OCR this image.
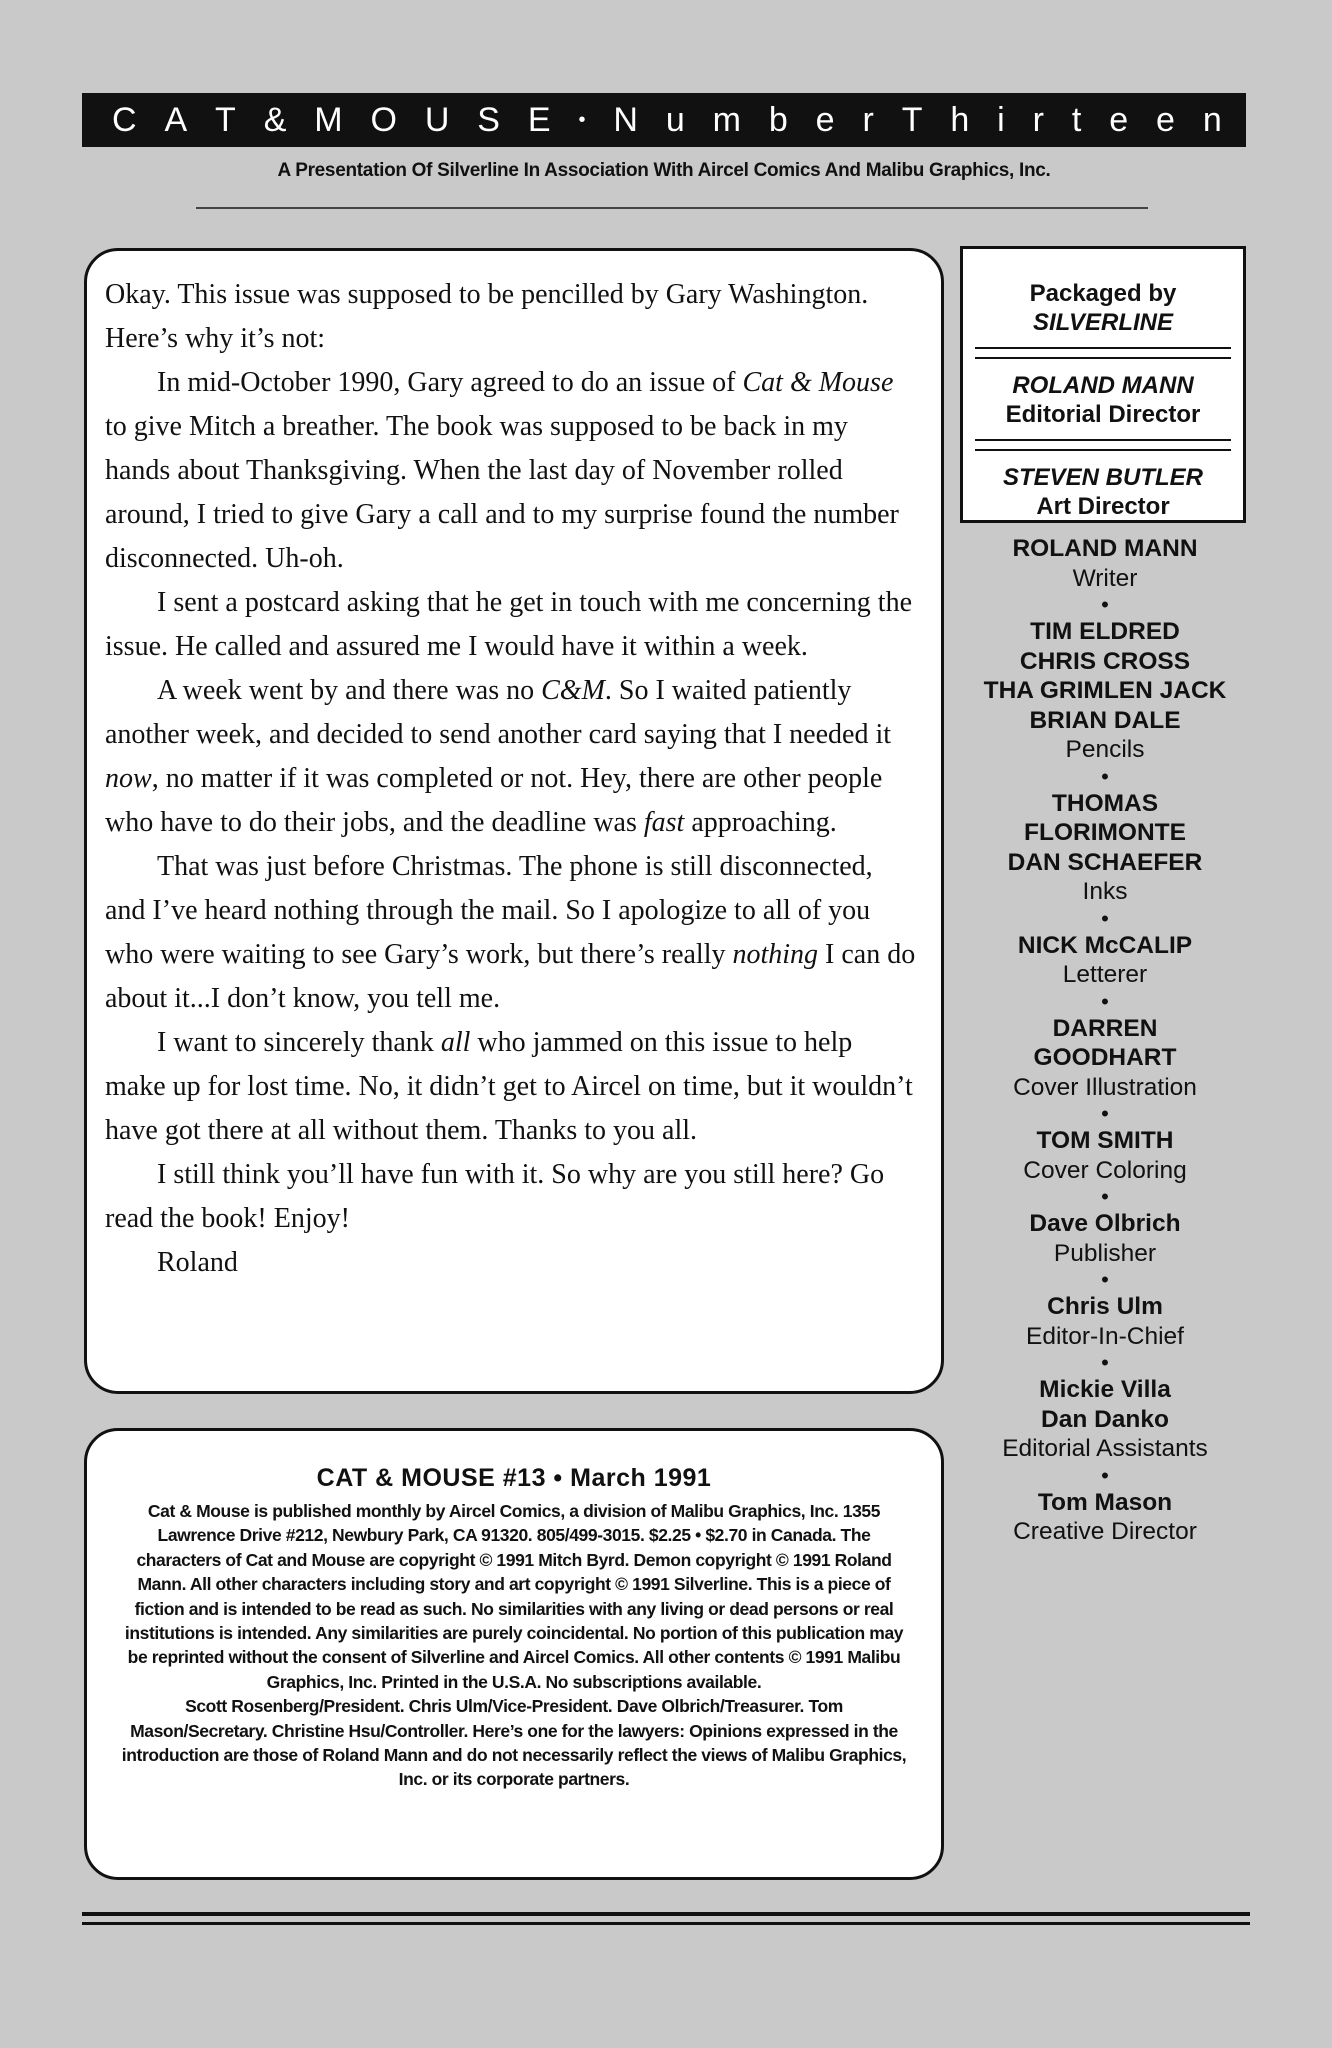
C A T & M O U S E • N u m b e r T h i r t e e n
A Presentation Of Silverline In Association With Aircel Comics And Malibu Graphics, Inc.

Okay. This issue was supposed to be pencilled by Gary Washington. Here’s why it’s not:

In mid-October 1990, Gary agreed to do an issue of Cat & Mouse to give Mitch a breather. The book was supposed to be back in my hands about Thanksgiving. When the last day of November rolled around, I tried to give Gary a call and to my surprise found the number disconnected. Uh-oh.

I sent a postcard asking that he get in touch with me concerning the issue. He called and assured me I would have it within a week.

A week went by and there was no C&M. So I waited patiently another week, and decided to send another card saying that I needed it now, no matter if it was completed or not. Hey, there are other people who have to do their jobs, and the deadline was fast approaching.

That was just before Christmas. The phone is still disconnected, and I’ve heard nothing through the mail. So I apologize to all of you who were waiting to see Gary’s work, but there’s really nothing I can do about it...I don’t know, you tell me.

I want to sincerely thank all who jammed on this issue to help make up for lost time. No, it didn’t get to Aircel on time, but it wouldn’t have got there at all without them. Thanks to you all.

I still think you’ll have fun with it. So why are you still here? Go read the book! Enjoy!

Roland

CAT & MOUSE #13 • March 1991

Cat & Mouse is published monthly by Aircel Comics, a division of Malibu Graphics, Inc. 1355 Lawrence Drive #212, Newbury Park, CA 91320. 805/499-3015. $2.25 • $2.70 in Canada. The characters of Cat and Mouse are copyright © 1991 Mitch Byrd. Demon copyright © 1991 Roland Mann. All other characters including story and art copyright © 1991 Silverline. This is a piece of fiction and is intended to be read as such. No similarities with any living or dead persons or real institutions is intended. Any similarities are purely coincidental. No portion of this publication may be reprinted without the consent of Silverline and Aircel Comics. All other contents © 1991 Malibu Graphics, Inc. Printed in the U.S.A. No subscriptions available.

Scott Rosenberg/President. Chris Ulm/Vice-President. Dave Olbrich/Treasurer. Tom Mason/Secretary. Christine Hsu/Controller. Here’s one for the lawyers: Opinions expressed in the introduction are those of Roland Mann and do not necessarily reflect the views of Malibu Graphics, Inc. or its corporate partners.

Packaged by
SILVERLINE
ROLAND MANN
Editorial Director
STEVEN BUTLER
Art Director
ROLAND MANN
Writer
•
TIM ELDRED
CHRIS CROSS
THA GRIMLEN JACK
BRIAN DALE
Pencils
•
THOMAS
FLORIMONTE
DAN SCHAEFER
Inks
•
NICK McCALIP
Letterer
•
DARREN
GOODHART
Cover Illustration
•
TOM SMITH
Cover Coloring
•
Dave Olbrich
Publisher
•
Chris Ulm
Editor-In-Chief
•
Mickie Villa
Dan Danko
Editorial Assistants
•
Tom Mason
Creative Director
